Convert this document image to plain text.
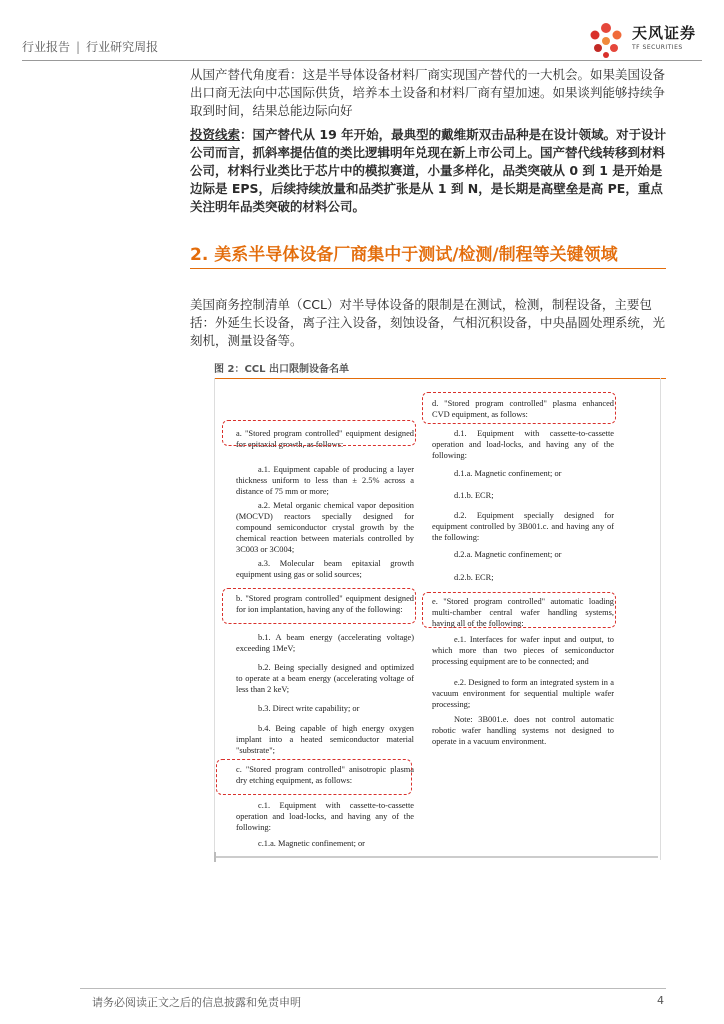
行业报告 | 行业研究周报
天风证券
TF SECURITIES
从国产替代角度看：这是半导体设备材料厂商实现国产替代的一大机会。如果美国设备出口商无法向中芯国际供货，培养本土设备和材料厂商有望加速。如果谈判能够持续争取到时间，结果总能边际向好
投资线索：国产替代从 19 年开始，最典型的戴维斯双击品种是在设计领域。对于设计公司而言，抓斜率提估值的类比逻辑明年兑现在新上市公司上。国产替代线转移到材料公司，材料行业类比于芯片中的模拟赛道，小量多样化，品类突破从 0 到 1 是开始是边际是 EPS，后续持续放量和品类扩张是从 1 到 N，是长期是高壁垒是高 PE，重点关注明年品类突破的材料公司。
2. 美系半导体设备厂商集中于测试/检测/制程等关键领域
美国商务控制清单（CCL）对半导体设备的限制是在测试，检测，制程设备，主要包括：外延生长设备，离子注入设备，刻蚀设备，气相沉积设备，中央晶圆处理系统，光刻机，测量设备等。
图 2：CCL 出口限制设备名单

a. "Stored program controlled" equipment designed for epitaxial growth, as follows:

a.1. Equipment capable of producing a layer thickness uniform to less than ± 2.5% across a distance of 75 mm or more;

a.2. Metal organic chemical vapor deposition (MOCVD) reactors specially designed for compound semiconductor crystal growth by the chemical reaction between materials controlled by 3C003 or 3C004;

a.3. Molecular beam epitaxial growth equipment using gas or solid sources;

b. "Stored program controlled" equipment designed for ion implantation, having any of the following:

b.1. A beam energy (accelerating voltage) exceeding 1MeV;

b.2. Being specially designed and optimized to operate at a beam energy (accelerating voltage of less than 2 keV;

b.3. Direct write capability; or

b.4. Being capable of high energy oxygen implant into a heated semiconductor material "substrate";

c. "Stored program controlled" anisotropic plasma dry etching equipment, as follows:

c.1. Equipment with cassette-to-cassette operation and load-locks, and having any of the following:

c.1.a. Magnetic confinement; or

d. "Stored program controlled" plasma enhanced CVD equipment, as follows:

d.1. Equipment with cassette-to-cassette operation and load-locks, and having any of the following:

d.1.a. Magnetic confinement; or

d.1.b. ECR;

d.2. Equipment specially designed for equipment controlled by 3B001.c. and having any of the following:

d.2.a. Magnetic confinement; or

d.2.b. ECR;

e. "Stored program controlled" automatic loading multi-chamber central wafer handling systems, having all of the following:

e.1. Interfaces for wafer input and output, to which more than two pieces of semiconductor processing equipment are to be connected; and

e.2. Designed to form an integrated system in a vacuum environment for sequential multiple wafer processing;

Note: 3B001.e. does not control automatic robotic wafer handling systems not designed to operate in a vacuum environment.

请务必阅读正文之后的信息披露和免责申明	4
